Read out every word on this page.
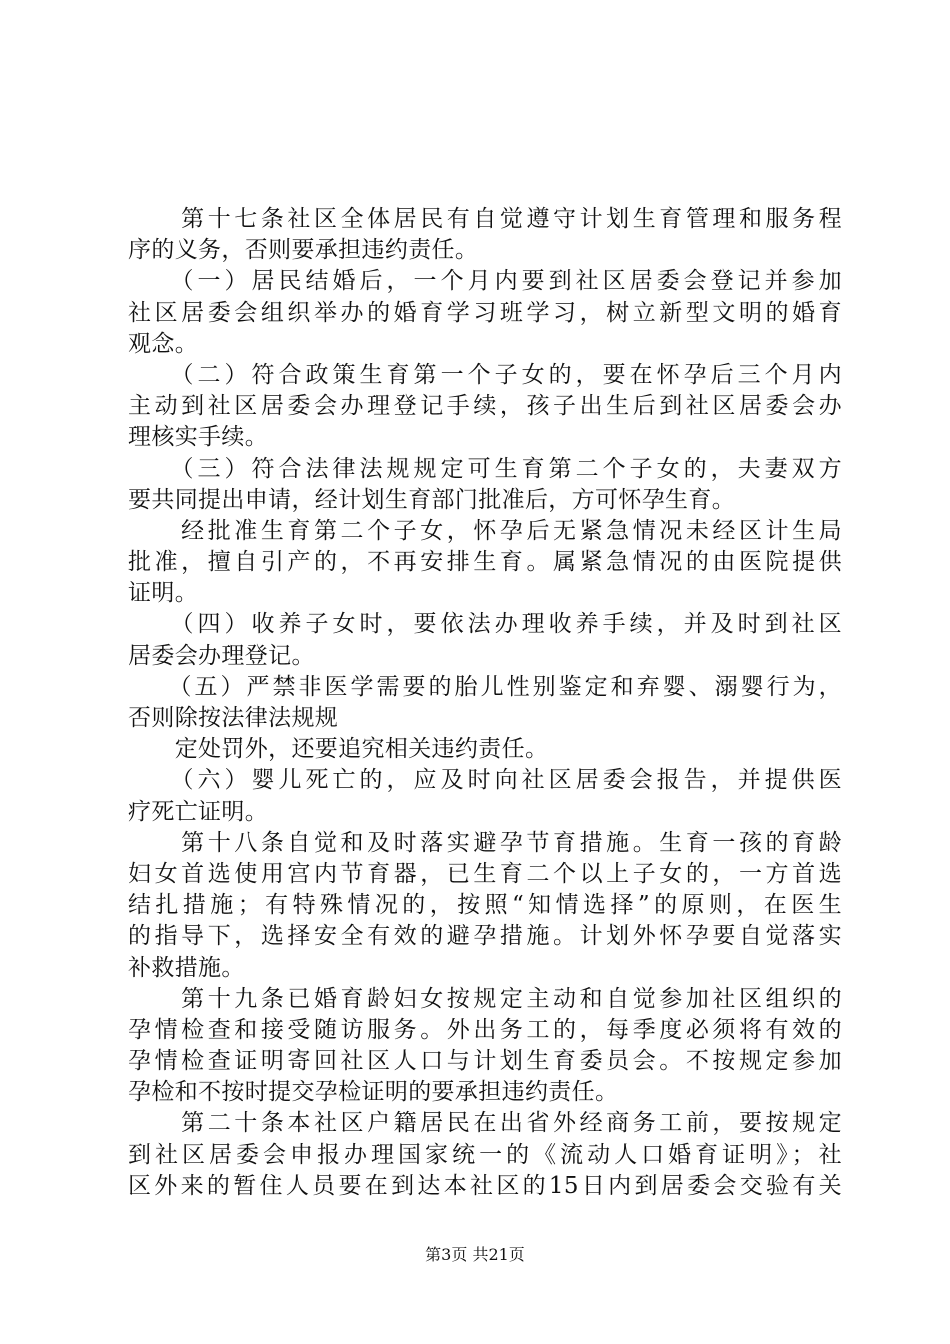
　　第十七条社区全体居民有自觉遵守计划生育管理和服务程
序的义务，否则要承担违约责任。
　　（一）居民结婚后，一个月内要到社区居委会登记并参加
社区居委会组织举办的婚育学习班学习，树立新型文明的婚育
观念。
　　（二）符合政策生育第一个子女的，要在怀孕后三个月内
主动到社区居委会办理登记手续，孩子出生后到社区居委会办
理核实手续。
　　（三）符合法律法规规定可生育第二个子女的，夫妻双方
要共同提出申请，经计划生育部门批准后，方可怀孕生育。
　　经批准生育第二个子女，怀孕后无紧急情况未经区计生局
批准，擅自引产的，不再安排生育。属紧急情况的由医院提供
证明。
　　（四）收养子女时，要依法办理收养手续，并及时到社区
居委会办理登记。
　　（五）严禁非医学需要的胎儿性别鉴定和弃婴、溺婴行为，
否则除按法律法规规
　　定处罚外，还要追究相关违约责任。
　　（六）婴儿死亡的，应及时向社区居委会报告，并提供医
疗死亡证明。
　　第十八条自觉和及时落实避孕节育措施。生育一孩的育龄
妇女首选使用宫内节育器，已生育二个以上子女的，一方首选
结扎措施；有特殊情况的，按照“知情选择”的原则，在医生
的指导下，选择安全有效的避孕措施。计划外怀孕要自觉落实
补救措施。
　　第十九条已婚育龄妇女按规定主动和自觉参加社区组织的
孕情检查和接受随访服务。外出务工的，每季度必须将有效的
孕情检查证明寄回社区人口与计划生育委员会。不按规定参加
孕检和不按时提交孕检证明的要承担违约责任。
　　第二十条本社区户籍居民在出省外经商务工前，要按规定
到社区居委会申报办理国家统一的《流动人口婚育证明》；社
区外来的暂住人员要在到达本社区的15日内到居委会交验有关
第3页 共21页
